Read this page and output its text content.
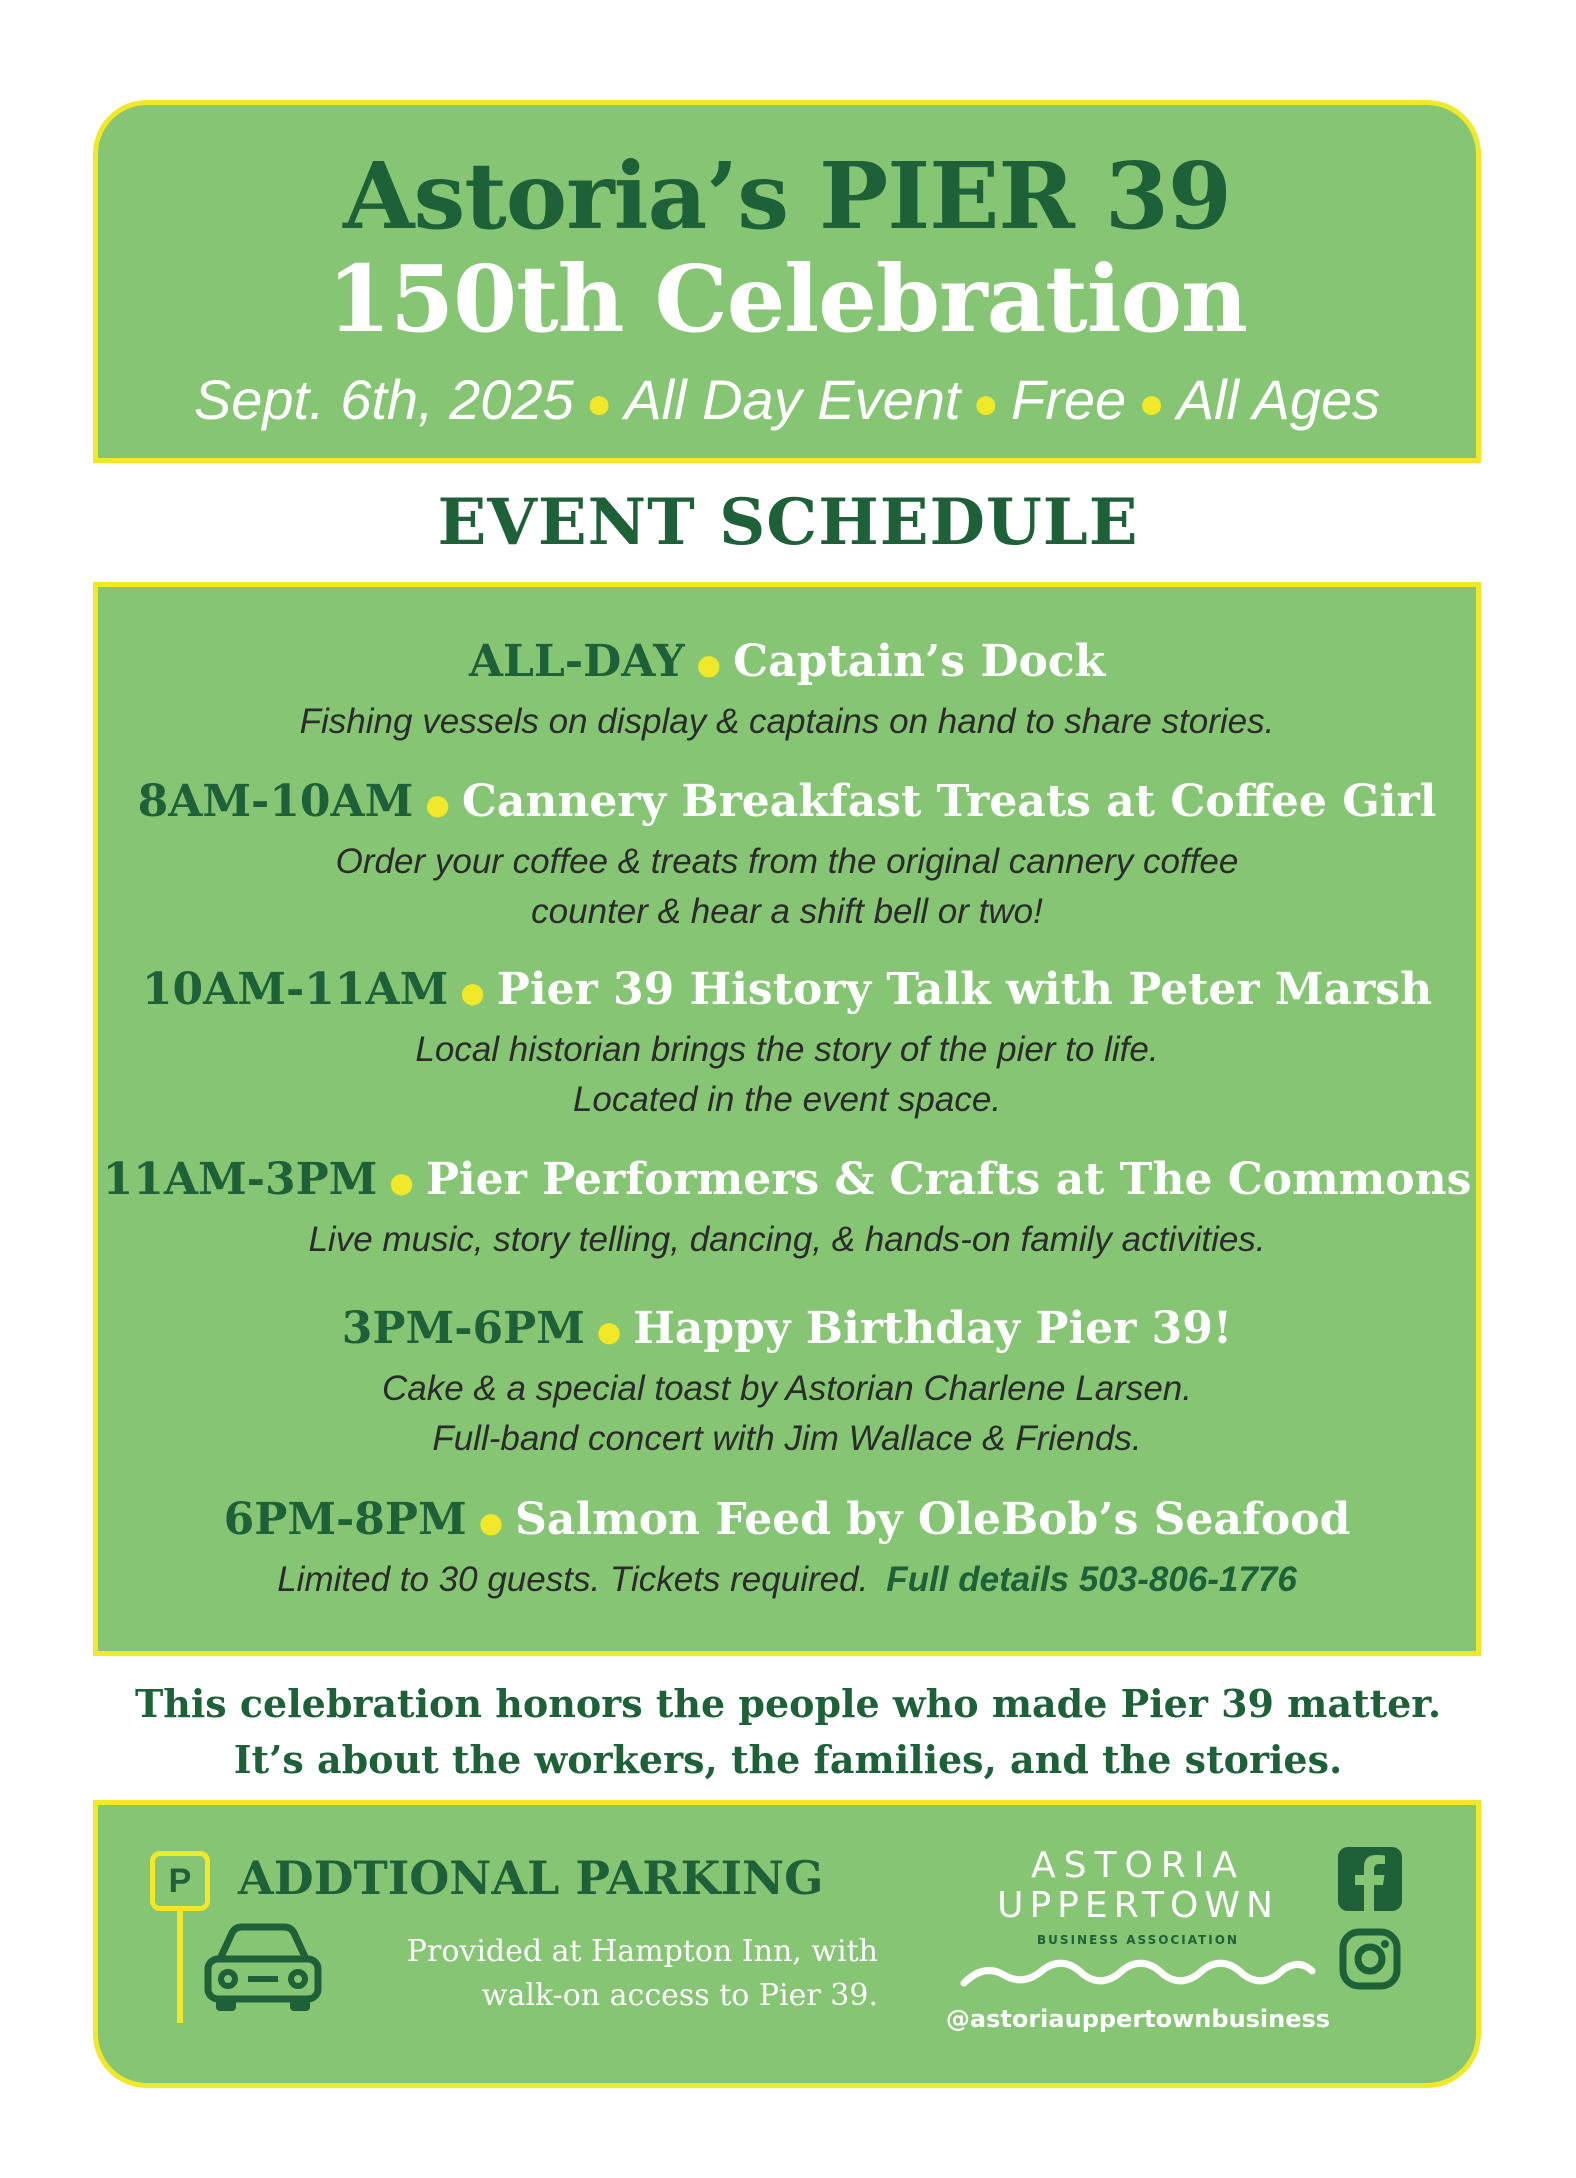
Astoria’s PIER 39
150th Celebration
Sept. 6th, 2025 ● All Day Event ● Free ● All Ages
EVENT SCHEDULE
ALL-DAY ● Captain’s Dock
Fishing vessels on display & captains on hand to share stories.
8AM-10AM ● Cannery Breakfast Treats at Coffee Girl
Order your coffee & treats from the original cannery coffee
counter & hear a shift bell or two!
10AM-11AM ● Pier 39 History Talk with Peter Marsh
Local historian brings the story of the pier to life.
Located in the event space.
11AM-3PM ● Pier Performers & Crafts at The Commons
Live music, story telling, dancing, & hands-on family activities.
3PM-6PM ● Happy Birthday Pier 39!
Cake & a special toast by Astorian Charlene Larsen.
Full-band concert with Jim Wallace & Friends.
6PM-8PM ● Salmon Feed by OleBob’s Seafood
Limited to 30 guests. Tickets required. Full details 503-806-1776
This celebration honors the people who made Pier 39 matter.
It’s about the workers, the families, and the stories.
P ADDTIONAL PARKING
Provided at Hampton Inn, with
walk-on access to Pier 39.
ASTORIA
UPPERTOWN
BUSINESS ASSOCIATION
@astoriauppertownbusiness
